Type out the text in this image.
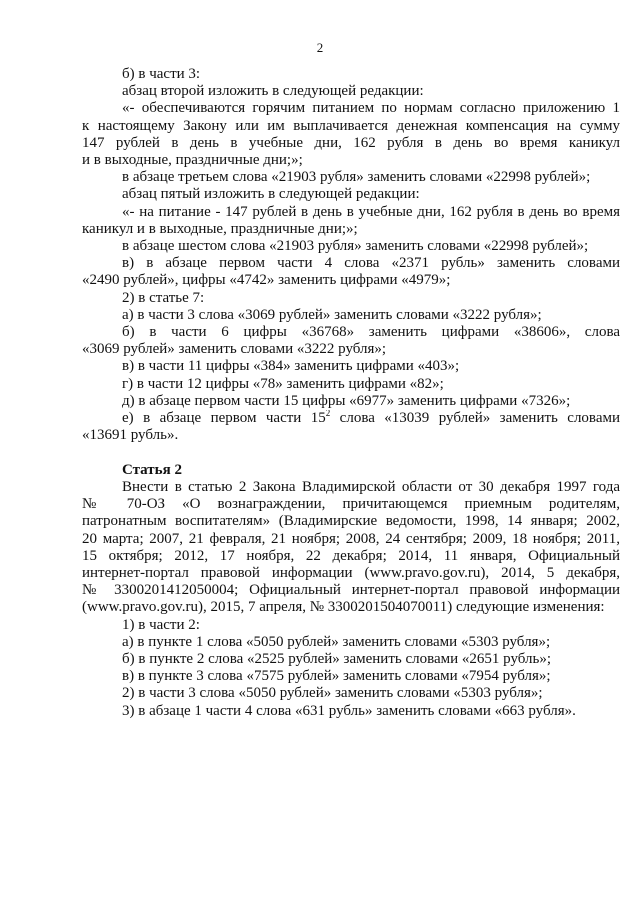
2
б) в части 3:
абзац второй изложить в следующей редакции:
«- обеспечиваются горячим питанием по нормам согласно приложению 1
к настоящему Закону или им выплачивается денежная компенсация на сумму
147 рублей в день в учебные дни, 162 рубля в день во время каникул
и в выходные, праздничные дни;»;
в абзаце третьем слова «21903 рубля» заменить словами «22998 рублей»;
абзац пятый изложить в следующей редакции:
«- на питание - 147 рублей в день в учебные дни, 162 рубля в день во время
каникул и в выходные, праздничные дни;»;
в абзаце шестом слова «21903 рубля» заменить словами «22998 рублей»;
в) в абзаце первом части 4 слова «2371 рубль» заменить словами
«2490 рублей», цифры «4742» заменить цифрами «4979»;
2) в статье 7:
а) в части 3 слова «3069 рублей» заменить словами «3222 рубля»;
б) в части 6 цифры «36768» заменить цифрами «38606», слова
«3069 рублей» заменить словами «3222 рубля»;
в) в части 11 цифры «384» заменить цифрами «403»;
г) в части 12 цифры «78» заменить цифрами «82»;
д) в абзаце первом части 15 цифры «6977» заменить цифрами «7326»;
е) в абзаце первом части $15^2$ слова «13039 рублей» заменить словами
«13691 рубль».
Статья 2
Внести в статью 2 Закона Владимирской области от 30 декабря 1997 года
№ 70-ОЗ «О вознаграждении, причитающемся приемным родителям,
патронатным воспитателям» (Владимирские ведомости, 1998, 14 января; 2002,
20 марта; 2007, 21 февраля, 21 ноября; 2008, 24 сентября; 2009, 18 ноября; 2011,
15 октября; 2012, 17 ноября, 22 декабря; 2014, 11 января, Официальный
интернет-портал правовой информации (www.pravo.gov.ru), 2014, 5 декабря,
№ 3300201412050004; Официальный интернет-портал правовой информации
(www.pravo.gov.ru), 2015, 7 апреля, № 3300201504070011) следующие изменения:
1) в части 2:
а) в пункте 1 слова «5050 рублей» заменить словами «5303 рубля»;
б) в пункте 2 слова «2525 рублей» заменить словами «2651 рубль»;
в) в пункте 3 слова «7575 рублей» заменить словами «7954 рубля»;
2) в части 3 слова «5050 рублей» заменить словами «5303 рубля»;
3) в абзаце 1 части 4 слова «631 рубль» заменить словами «663 рубля».
